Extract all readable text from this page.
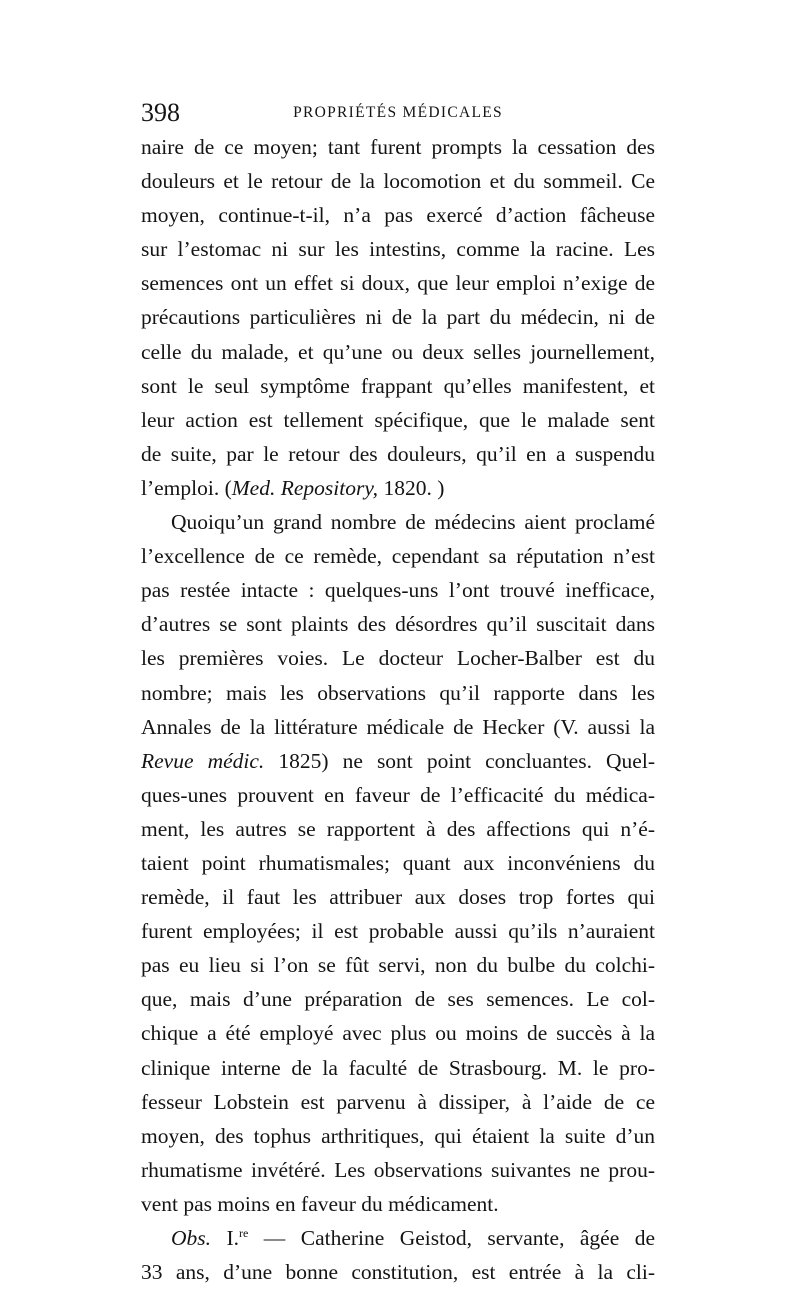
398	PROPRIÉTÉS MÉDICALES
naire de ce moyen; tant furent prompts la cessation des
douleurs et le retour de la locomotion et du sommeil. Ce
moyen, continue-t-il, n’a pas exercé d’action fâcheuse
sur l’estomac ni sur les intestins, comme la racine. Les
semences ont un effet si doux, que leur emploi n’exige de
précautions particulières ni de la part du médecin, ni de
celle du malade, et qu’une ou deux selles journellement,
sont le seul symptôme frappant qu’elles manifestent, et
leur action est tellement spécifique, que le malade sent
de suite, par le retour des douleurs, qu’il en a suspendu
l’emploi. (Med. Repository, 1820. )
Quoiqu’un grand nombre de médecins aient proclamé
l’excellence de ce remède, cependant sa réputation n’est
pas restée intacte : quelques-uns l’ont trouvé inefficace,
d’autres se sont plaints des désordres qu’il suscitait dans
les premières voies. Le docteur Locher-Balber est du
nombre; mais les observations qu’il rapporte dans les
Annales de la littérature médicale de Hecker (V. aussi la
Revue médic. 1825) ne sont point concluantes. Quel-
ques-unes prouvent en faveur de l’efficacité du médica-
ment, les autres se rapportent à des affections qui n’é-
taient point rhumatismales; quant aux inconvéniens du
remède, il faut les attribuer aux doses trop fortes qui
furent employées; il est probable aussi qu’ils n’auraient
pas eu lieu si l’on se fût servi, non du bulbe du colchi-
que, mais d’une préparation de ses semences. Le col-
chique a été employé avec plus ou moins de succès à la
clinique interne de la faculté de Strasbourg. M. le pro-
fesseur Lobstein est parvenu à dissiper, à l’aide de ce
moyen, des tophus arthritiques, qui étaient la suite d’un
rhumatisme invétéré. Les observations suivantes ne prou-
vent pas moins en faveur du médicament.
Obs. I.$^{re}$ — Catherine Geistod, servante, âgée de
33 ans, d’une bonne constitution, est entrée à la cli-
